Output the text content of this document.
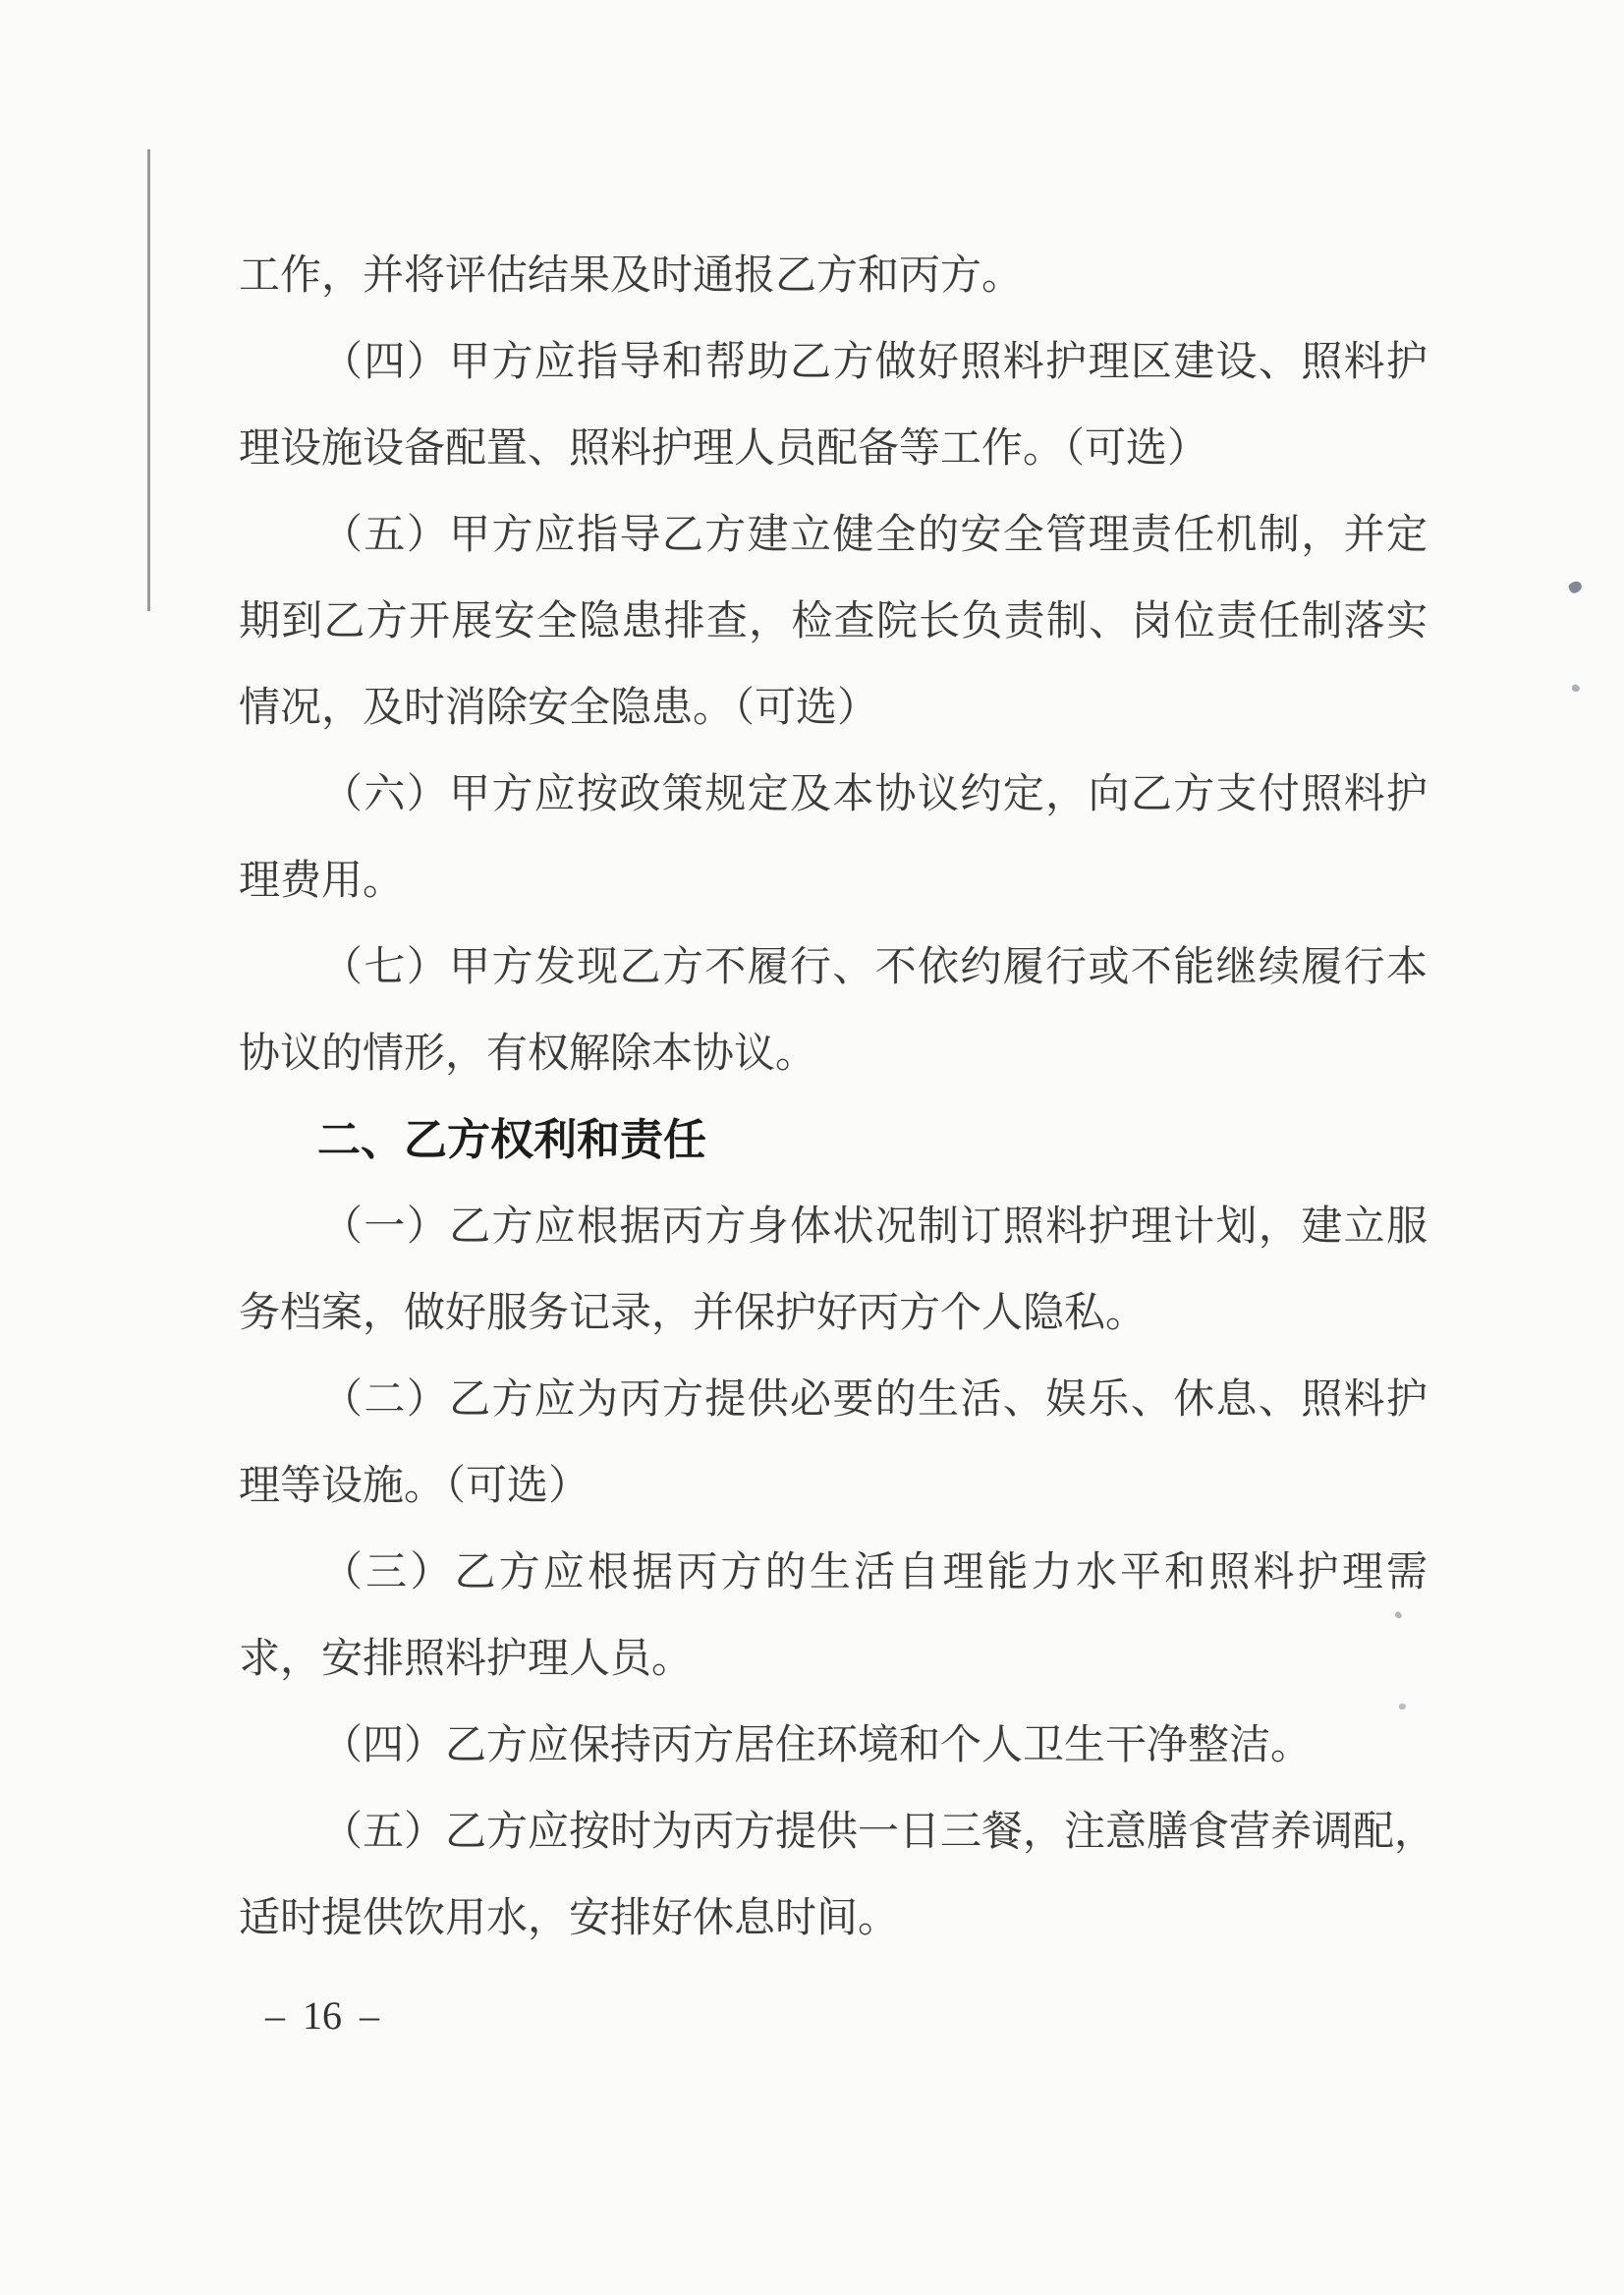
工作，并将评估结果及时通报乙方和丙方。
（四）甲方应指导和帮助乙方做好照料护理区建设、照料护
理设施设备配置、照料护理人员配备等工作。（可选）
（五）甲方应指导乙方建立健全的安全管理责任机制，并定
期到乙方开展安全隐患排查，检查院长负责制、岗位责任制落实
情况，及时消除安全隐患。（可选）
（六）甲方应按政策规定及本协议约定，向乙方支付照料护
理费用。
（七）甲方发现乙方不履行、不依约履行或不能继续履行本
协议的情形，有权解除本协议。
二、乙方权利和责任
（一）乙方应根据丙方身体状况制订照料护理计划，建立服
务档案，做好服务记录，并保护好丙方个人隐私。
（二）乙方应为丙方提供必要的生活、娱乐、休息、照料护
理等设施。（可选）
（三）乙方应根据丙方的生活自理能力水平和照料护理需
求，安排照料护理人员。
（四）乙方应保持丙方居住环境和个人卫生干净整洁。
（五）乙方应按时为丙方提供一日三餐，注意膳食营养调配，
适时提供饮用水，安排好休息时间。
– 16 –
